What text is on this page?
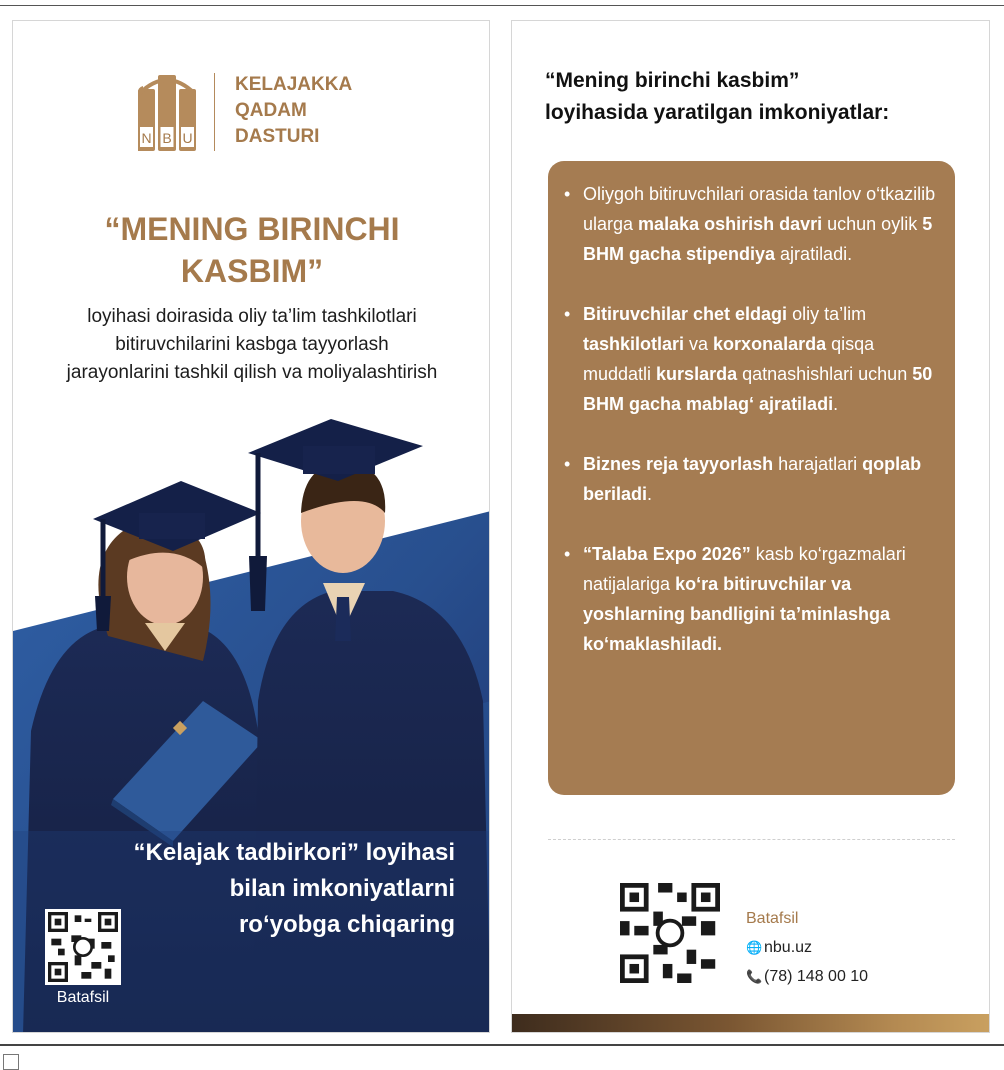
N B U
KELAJAKKA
QADAM
DASTURI
“MENING BIRINCHI
KASBIM”
loyihasi doirasida oliy ta’lim tashkilotlari
bitiruvchilarini kasbga tayyorlash
jarayonlarini tashkil qilish va moliyalashtirish
“Kelajak tadbirkori” loyihasi
bilan imkoniyatlarni
ro‘yobga chiqaring
Batafsil
“Mening birinchi kasbim”
loyihasida yaratilgan imkoniyatlar:
• Oliygoh bitiruvchilari orasida tanlov o‘tkazilib ularga malaka oshirish davri uchun oylik 5 BHM gacha stipendiya ajratiladi.
• Bitiruvchilar chet eldagi oliy ta’lim tashkilotlari va korxonalarda qisqa muddatli kurslarda qatnashishlari uchun 50 BHM gacha mablag‘ ajratiladi.
• Biznes reja tayyorlash harajatlari qoplab beriladi.
• “Talaba Expo 2026” kasb ko‘rgazmalari natijalariga ko‘ra bitiruvchilar va yoshlarning bandligini ta’minlashga ko‘maklashiladi.
Batafsil
🌐 nbu.uz
📞 (78) 148 00 10
